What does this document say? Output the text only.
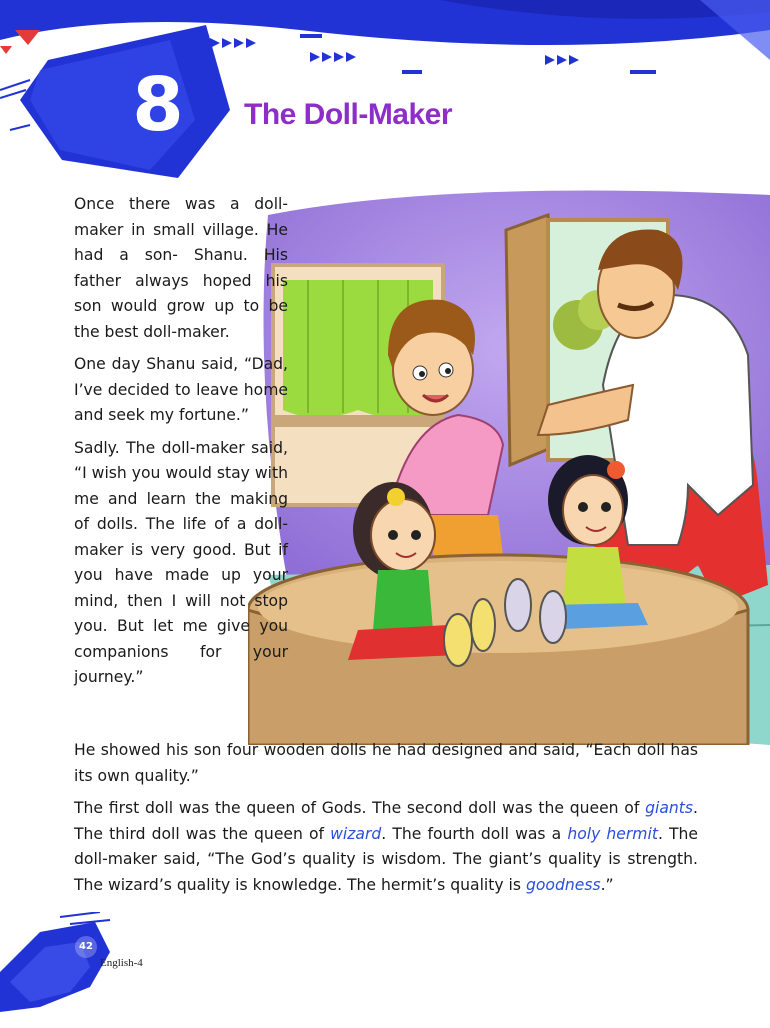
8	The Doll-Maker

Once there was a doll-maker in small village. He had a son- Shanu. His father always hoped his son would grow up to be the best doll-maker.

One day Shanu said, “Dad, I’ve decided to leave home and seek my fortune.”

Sadly. The doll-maker said, “I wish you would stay with me and learn the making of dolls. The life of a doll-maker is very good. But if you have made up your mind, then I will not stop you. But let me give you companions for your journey.”

He showed his son four wooden dolls he had designed and said, “Each doll has its own quality.”

The first doll was the queen of Gods. The second doll was the queen of giants. The third doll was the queen of wizard. The fourth doll was a holy hermit. The doll-maker said, “The God’s quality is wisdom. The giant’s quality is strength. The wizard’s quality is knowledge. The hermit’s quality is goodness.”

42
English-4
